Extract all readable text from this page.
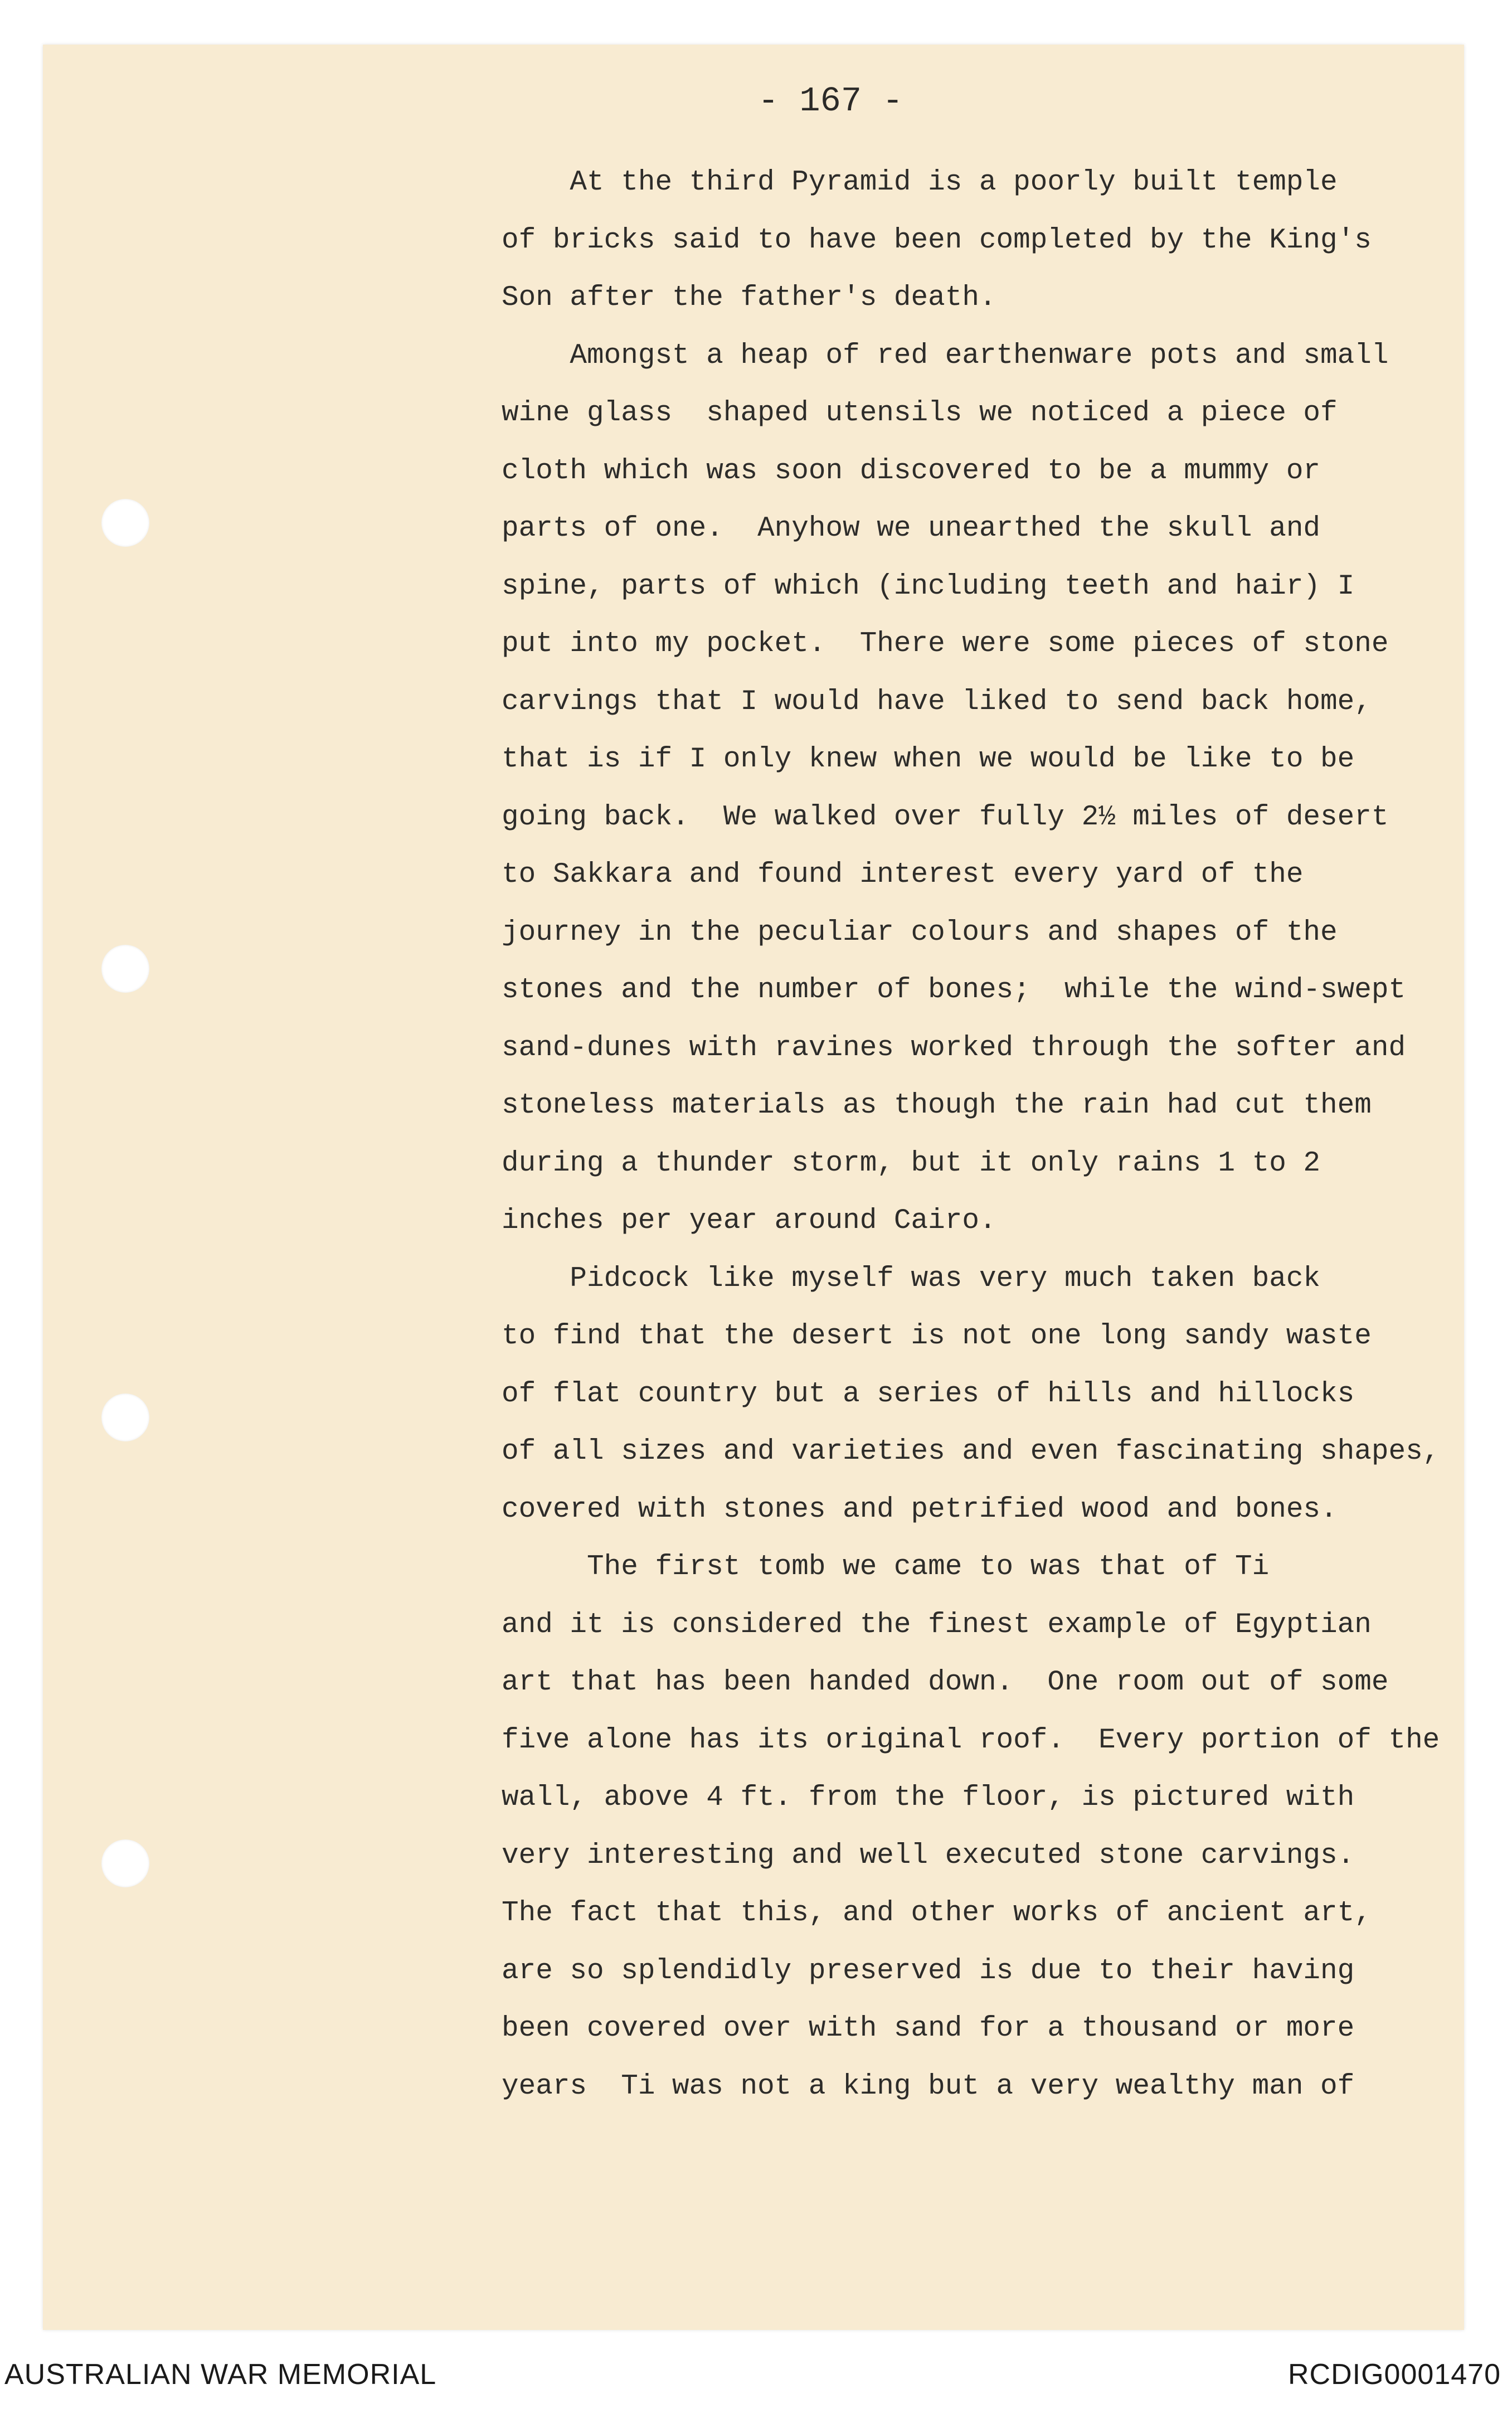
- 167 -
At the third Pyramid is a poorly built temple
of bricks said to have been completed by the King's
Son after the father's death.
Amongst a heap of red earthenware pots and small
wine glass  shaped utensils we noticed a piece of
cloth which was soon discovered to be a mummy or
parts of one.  Anyhow we unearthed the skull and
spine, parts of which (including teeth and hair) I
put into my pocket.  There were some pieces of stone
carvings that I would have liked to send back home,
that is if I only knew when we would be like to be
going back.  We walked over fully 2½ miles of desert
to Sakkara and found interest every yard of the
journey in the peculiar colours and shapes of the
stones and the number of bones;  while the wind-swept
sand-dunes with ravines worked through the softer and
stoneless materials as though the rain had cut them
during a thunder storm, but it only rains 1 to 2
inches per year around Cairo.
Pidcock like myself was very much taken back
to find that the desert is not one long sandy waste
of flat country but a series of hills and hillocks
of all sizes and varieties and even fascinating shapes,
covered with stones and petrified wood and bones.
The first tomb we came to was that of Ti
and it is considered the finest example of Egyptian
art that has been handed down.  One room out of some
five alone has its original roof.  Every portion of the
wall, above 4 ft. from the floor, is pictured with
very interesting and well executed stone carvings.
The fact that this, and other works of ancient art,
are so splendidly preserved is due to their having
been covered over with sand for a thousand or more
years  Ti was not a king but a very wealthy man of
AUSTRALIAN WAR MEMORIAL	RCDIG0001470
